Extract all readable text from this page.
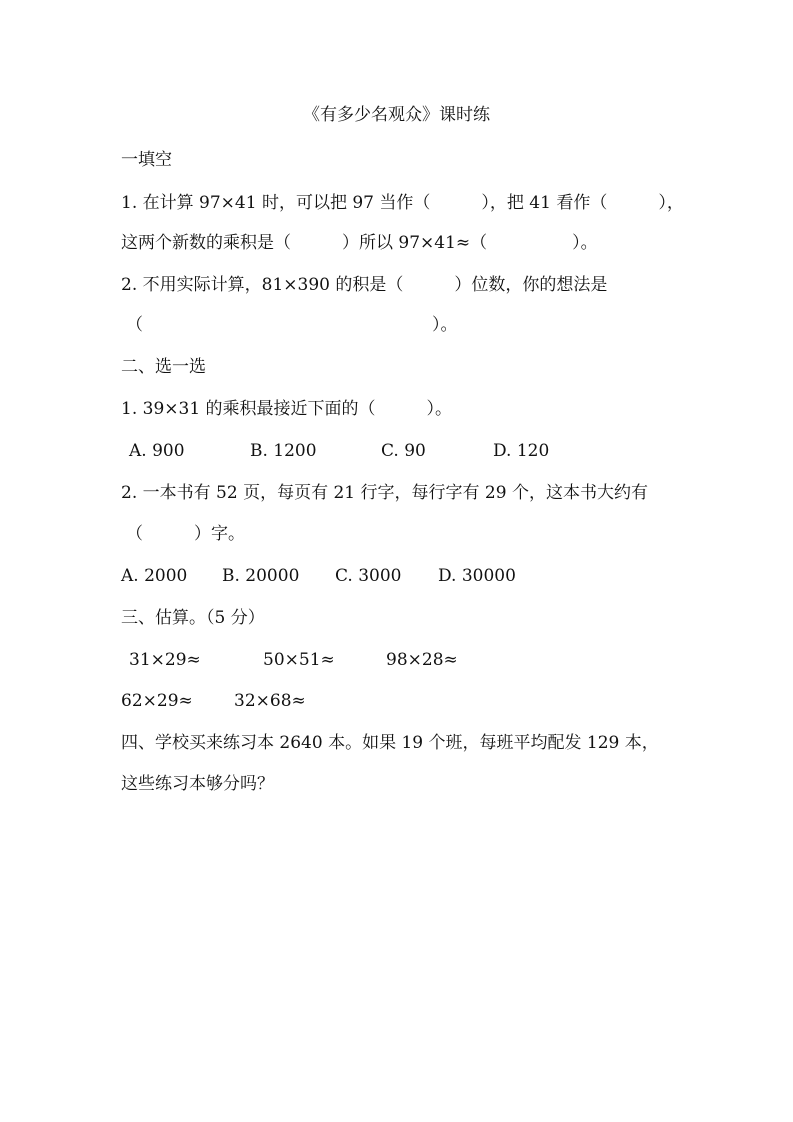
《有多少名观众》课时练
一填空
1. 在计算 97×41 时，可以把 97 当作（　　　），把 41 看作（　　　），
这两个新数的乘积是（　　　）所以 97×41≈（　　　　　）。
2. 不用实际计算，81×390 的积是（　　　）位数，你的想法是
（　　　　　　　　　　　　　　　　　）。
二、选一选
1. 39×31 的乘积最接近下面的（　　　）。
A. 900	B. 1200	C. 90	D. 120
2. 一本书有 52 页，每页有 21 行字，每行字有 29 个，这本书大约有
（　　　）字。
A. 2000 B. 20000 C. 3000 D. 30000
三、估算。（5 分）
31×29≈	50×51≈	98×28≈
62×29≈ 32×68≈
四、学校买来练习本 2640 本。如果 19 个班，每班平均配发 129 本，
这些练习本够分吗？
